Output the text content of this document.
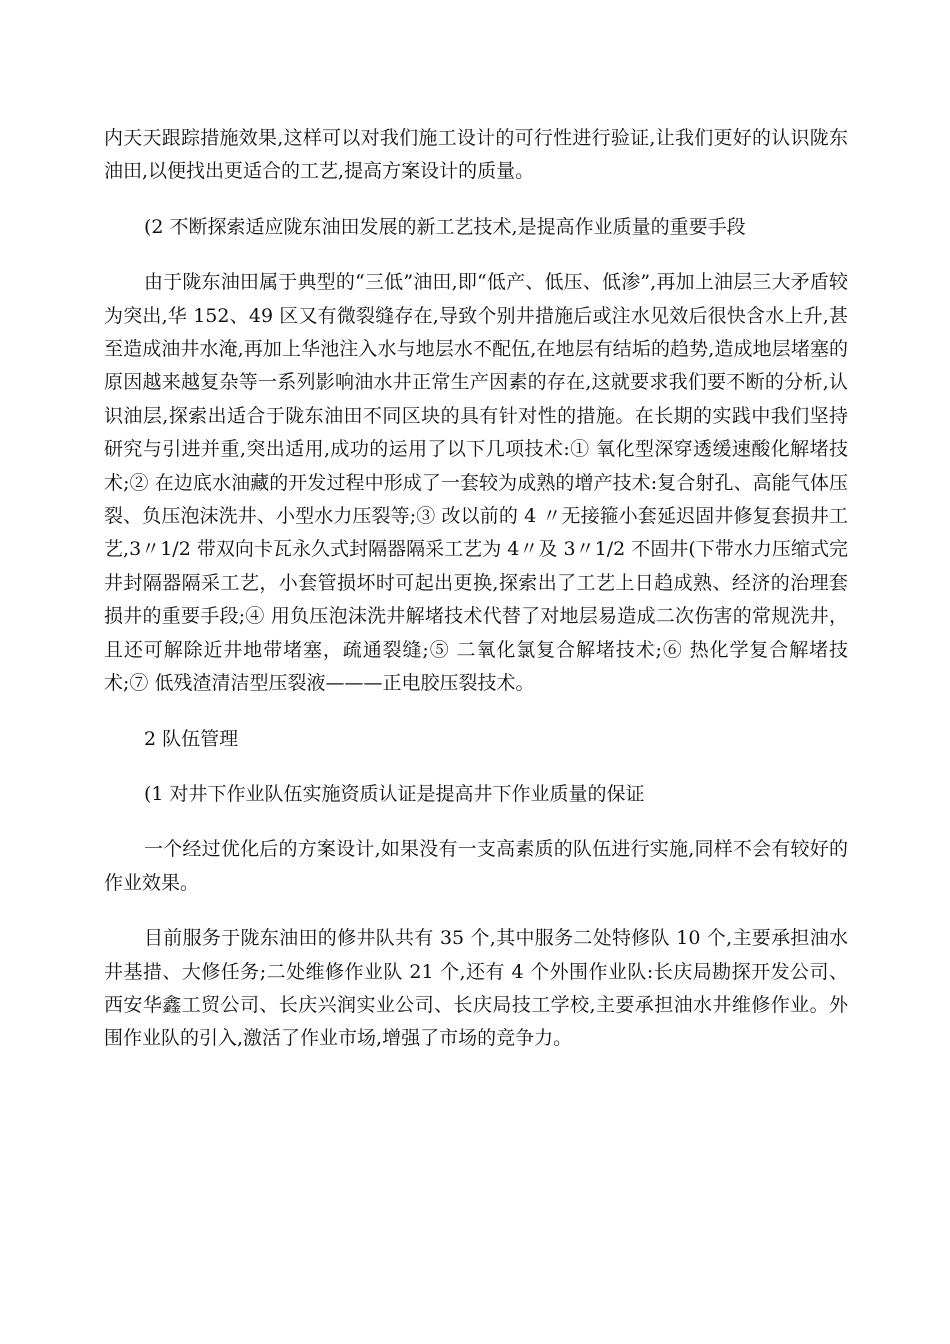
内天天跟踪措施效果,这样可以对我们施工设计的可行性进行验证,让我们更好的认识陇东油田,以便找出更适合的工艺,提高方案设计的质量。

(2 不断探索适应陇东油田发展的新工艺技术,是提高作业质量的重要手段

由于陇东油田属于典型的“三低”油田,即“低产、低压、低渗”,再加上油层三大矛盾较为突出,华 152、49 区又有微裂缝存在,导致个别井措施后或注水见效后很快含水上升,甚至造成油井水淹,再加上华池注入水与地层水不配伍,在地层有结垢的趋势,造成地层堵塞的原因越来越复杂等一系列影响油水井正常生产因素的存在,这就要求我们要不断的分析,认识油层,探索出适合于陇东油田不同区块的具有针对性的措施。在长期的实践中我们坚持研究与引进并重,突出适用,成功的运用了以下几项技术:① 氧化型深穿透缓速酸化解堵技术;② 在边底水油藏的开发过程中形成了一套较为成熟的增产技术:复合射孔、高能气体压裂、负压泡沫洗井、小型水力压裂等;③ 改以前的 4 〃无接箍小套延迟固井修复套损井工艺,3〃1/2 带双向卡瓦永久式封隔器隔采工艺为 4〃及 3〃1/2 不固井(下带水力压缩式完井封隔器隔采工艺，小套管损坏时可起出更换,探索出了工艺上日趋成熟、经济的治理套损井的重要手段;④ 用负压泡沫洗井解堵技术代替了对地层易造成二次伤害的常规洗井，且还可解除近井地带堵塞，疏通裂缝;⑤ 二氧化氯复合解堵技术;⑥ 热化学复合解堵技术;⑦ 低残渣清洁型压裂液———正电胶压裂技术。

2 队伍管理

(1 对井下作业队伍实施资质认证是提高井下作业质量的保证

一个经过优化后的方案设计,如果没有一支高素质的队伍进行实施,同样不会有较好的作业效果。

目前服务于陇东油田的修井队共有 35 个,其中服务二处特修队 10 个,主要承担油水井基措、大修任务;二处维修作业队 21 个,还有 4 个外围作业队:长庆局勘探开发公司、西安华鑫工贸公司、长庆兴润实业公司、长庆局技工学校,主要承担油水井维修作业。外围作业队的引入,激活了作业市场,增强了市场的竞争力。
